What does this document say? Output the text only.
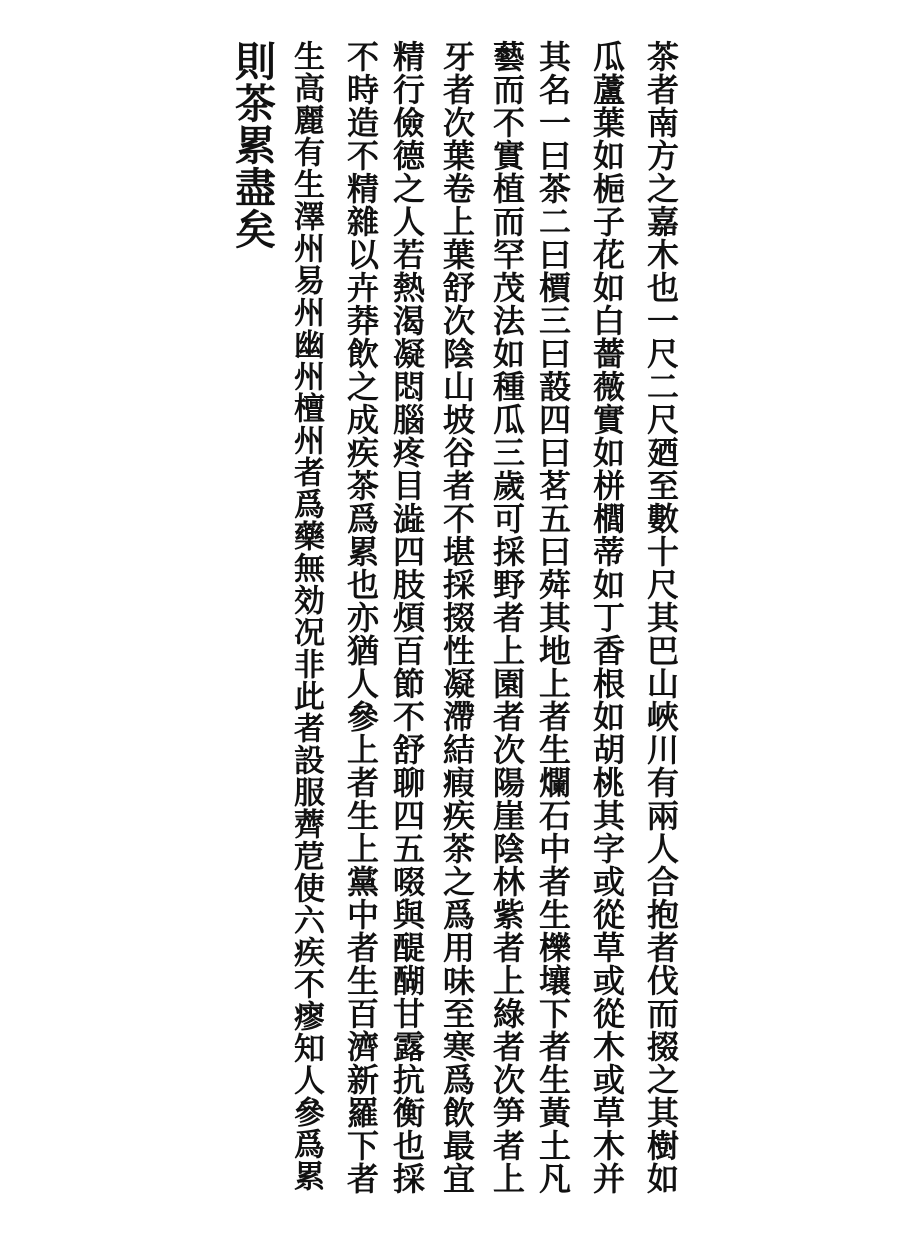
茶者南方之嘉木也一尺二尺廼至數十尺其巴山峽川有兩人合抱者伐而掇之其樹如
瓜蘆葉如梔子花如白薔薇實如栟櫚蒂如丁香根如胡桃其字或從草或從木或草木并
其名一曰茶二曰檟三曰蔎四曰茗五曰荈其地上者生爛石中者生櫟壤下者生黃土凡
藝而不實植而罕茂法如種瓜三歲可採野者上園者次陽崖陰林紫者上綠者次笋者上
牙者次葉卷上葉舒次陰山坡谷者不堪採掇性凝滯結瘕疾茶之爲用味至寒爲飲最宜
精行儉德之人若熱渴凝悶腦疼目澁四肢煩百節不舒聊四五啜與醍醐甘露抗衡也採
不時造不精雜以卉莽飲之成疾茶爲累也亦猶人參上者生上黨中者生百濟新羅下者
生高麗有生澤州易州幽州檀州者爲藥無効况非此者設服薺苨使六疾不瘳知人參爲累
則茶累盡矣
